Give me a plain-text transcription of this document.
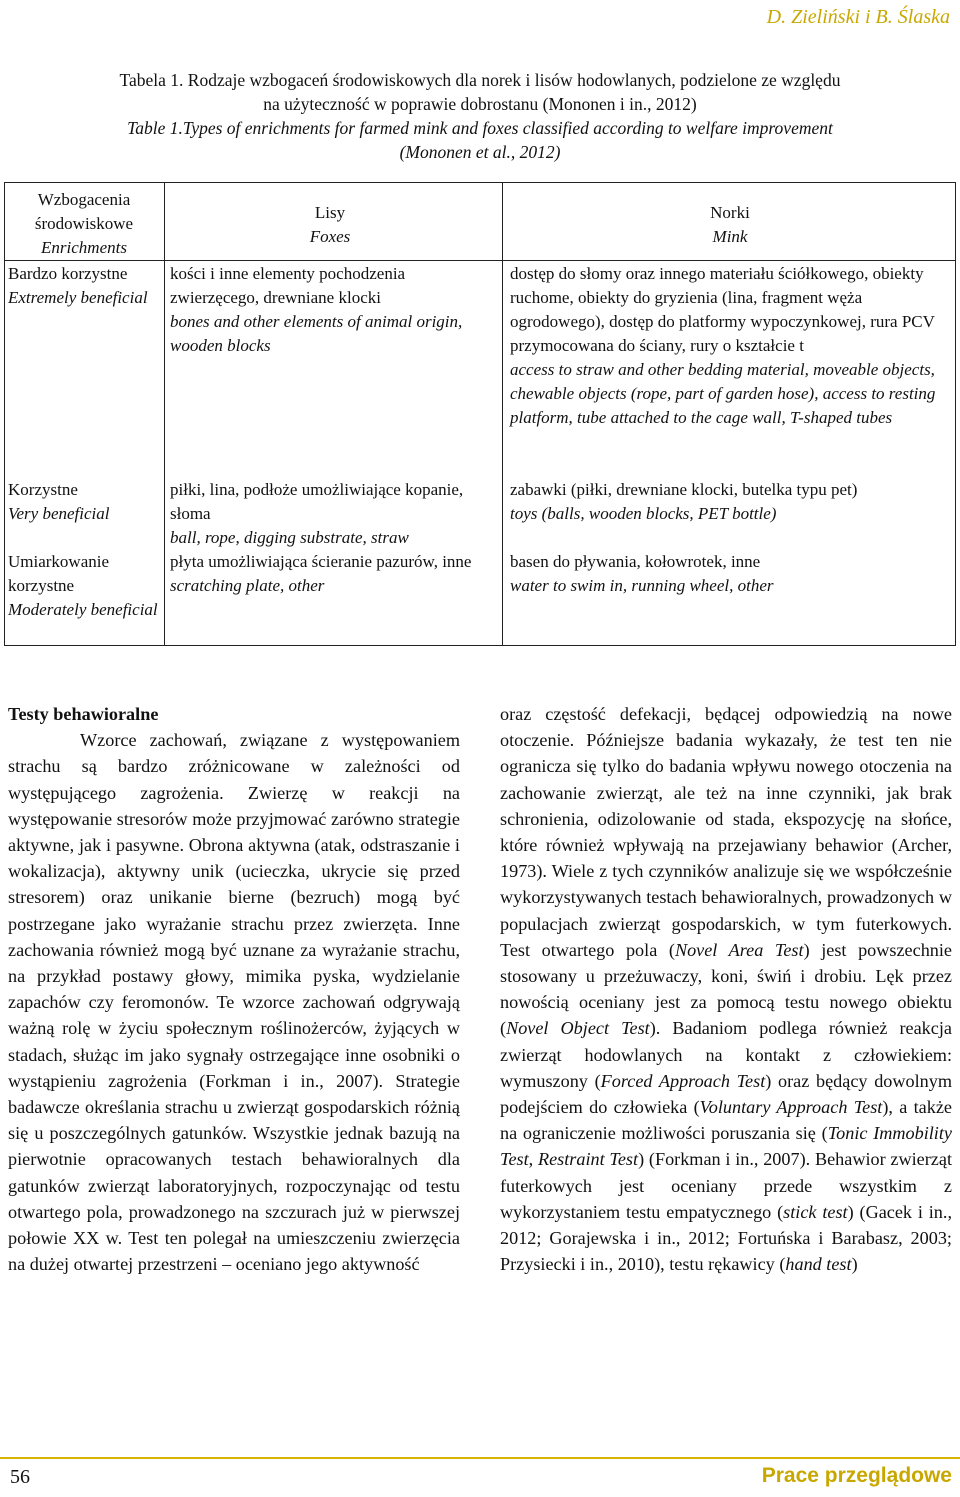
D. Zieliński i B. Ślaska
Tabela 1. Rodzaje wzbogaceń środowiskowych dla norek i lisów hodowlanych, podzielone ze względu
na użyteczność w poprawie dobrostanu (Mononen i in., 2012)
Table 1.Types of enrichments for farmed mink and foxes classified according to welfare improvement
(Mononen et al., 2012)
Wzbogacenia środowiskowe
Enrichments
Lisy
Foxes
Norki
Mink
Bardzo korzystne
Extremely beneficial
kości i inne elementy pochodzenia zwierzęcego, drewniane klocki
bones and other elements of animal origin, wooden blocks
dostęp do słomy oraz innego materiału ściółkowego, obiekty ruchome, obiekty do gryzienia (lina, fragment węża ogrodowego), dostęp do platformy wypoczynkowej, rura PCV przymocowana do ściany, rury o kształcie t
access to straw and other bedding material, moveable objects, chewable objects (rope, part of garden hose), access to resting platform, tube attached to the cage wall, T-shaped tubes
Korzystne
Very beneficial
piłki, lina, podłoże umożliwiające kopanie, słoma
ball, rope, digging substrate, straw
zabawki (piłki, drewniane klocki, butelka typu pet)
toys (balls, wooden blocks, PET bottle)
Umiarkowanie korzystne
Moderately beneficial
płyta umożliwiająca ścieranie pazurów, inne
scratching plate, other
basen do pływania, kołowrotek, inne
water to swim in, running wheel, other
Testy behawioralne

Wzorce zachowań, związane z występowaniem strachu są bardzo zróżnicowane w zależności od występującego zagrożenia. Zwierzę w reakcji na występowanie stresorów może przyjmować zarówno strategie aktywne, jak i pasywne. Obrona aktywna (atak, odstraszanie i wokalizacja), aktywny unik (ucieczka, ukrycie się przed stresorem) oraz unikanie bierne (bezruch) mogą być postrzegane jako wyrażanie strachu przez zwierzęta. Inne zachowania również mogą być uznane za wyrażanie strachu, na przykład postawy głowy, mimika pyska, wydzielanie zapachów czy feromonów. Te wzorce zachowań odgrywają ważną rolę w życiu społecznym roślinożerców, żyjących w stadach, służąc im jako sygnały ostrzegające inne osobniki o wystąpieniu zagrożenia (Forkman i in., 2007). Strategie badawcze określania strachu u zwierząt gospodarskich różnią się u poszczególnych gatunków. Wszystkie jednak bazują na pierwotnie opracowanych testach behawioralnych dla gatunków zwierząt laboratoryjnych, rozpoczynając od testu otwartego pola, prowadzonego na szczurach już w pierwszej połowie XX w. Test ten polegał na umieszczeniu zwierzęcia na dużej otwartej przestrzeni – oceniano jego aktywność

oraz częstość defekacji, będącej odpowiedzią na nowe otoczenie. Późniejsze badania wykazały, że test ten nie ogranicza się tylko do badania wpływu nowego otoczenia na zachowanie zwierząt, ale też na inne czynniki, jak brak schronienia, odizolowanie od stada, ekspozycję na słońce, które również wpływają na przejawiany behawior (Archer, 1973). Wiele z tych czynników analizuje się we współcześnie wykorzystywanych testach behawioralnych, prowadzonych w populacjach zwierząt gospodarskich, w tym futerkowych. Test otwartego pola (Novel Area Test) jest powszechnie stosowany u przeżuwaczy, koni, świń i drobiu. Lęk przez nowością oceniany jest za pomocą testu nowego obiektu (Novel Object Test). Badaniom podlega również reakcja zwierząt hodowlanych na kontakt z człowiekiem: wymuszony (Forced Approach Test) oraz będący dowolnym podejściem do człowieka (Voluntary Approach Test), a także na ograniczenie możliwości poruszania się (Tonic Immobility Test, Restraint Test) (Forkman i in., 2007). Behawior zwierząt futerkowych jest oceniany przede wszystkim z wykorzystaniem testu empatycznego (stick test) (Gacek i in., 2012; Gorajewska i in., 2012; Fortuńska i Barabasz, 2003; Przysiecki i in., 2010), testu rękawicy (hand test)

56	Prace przeglądowe
